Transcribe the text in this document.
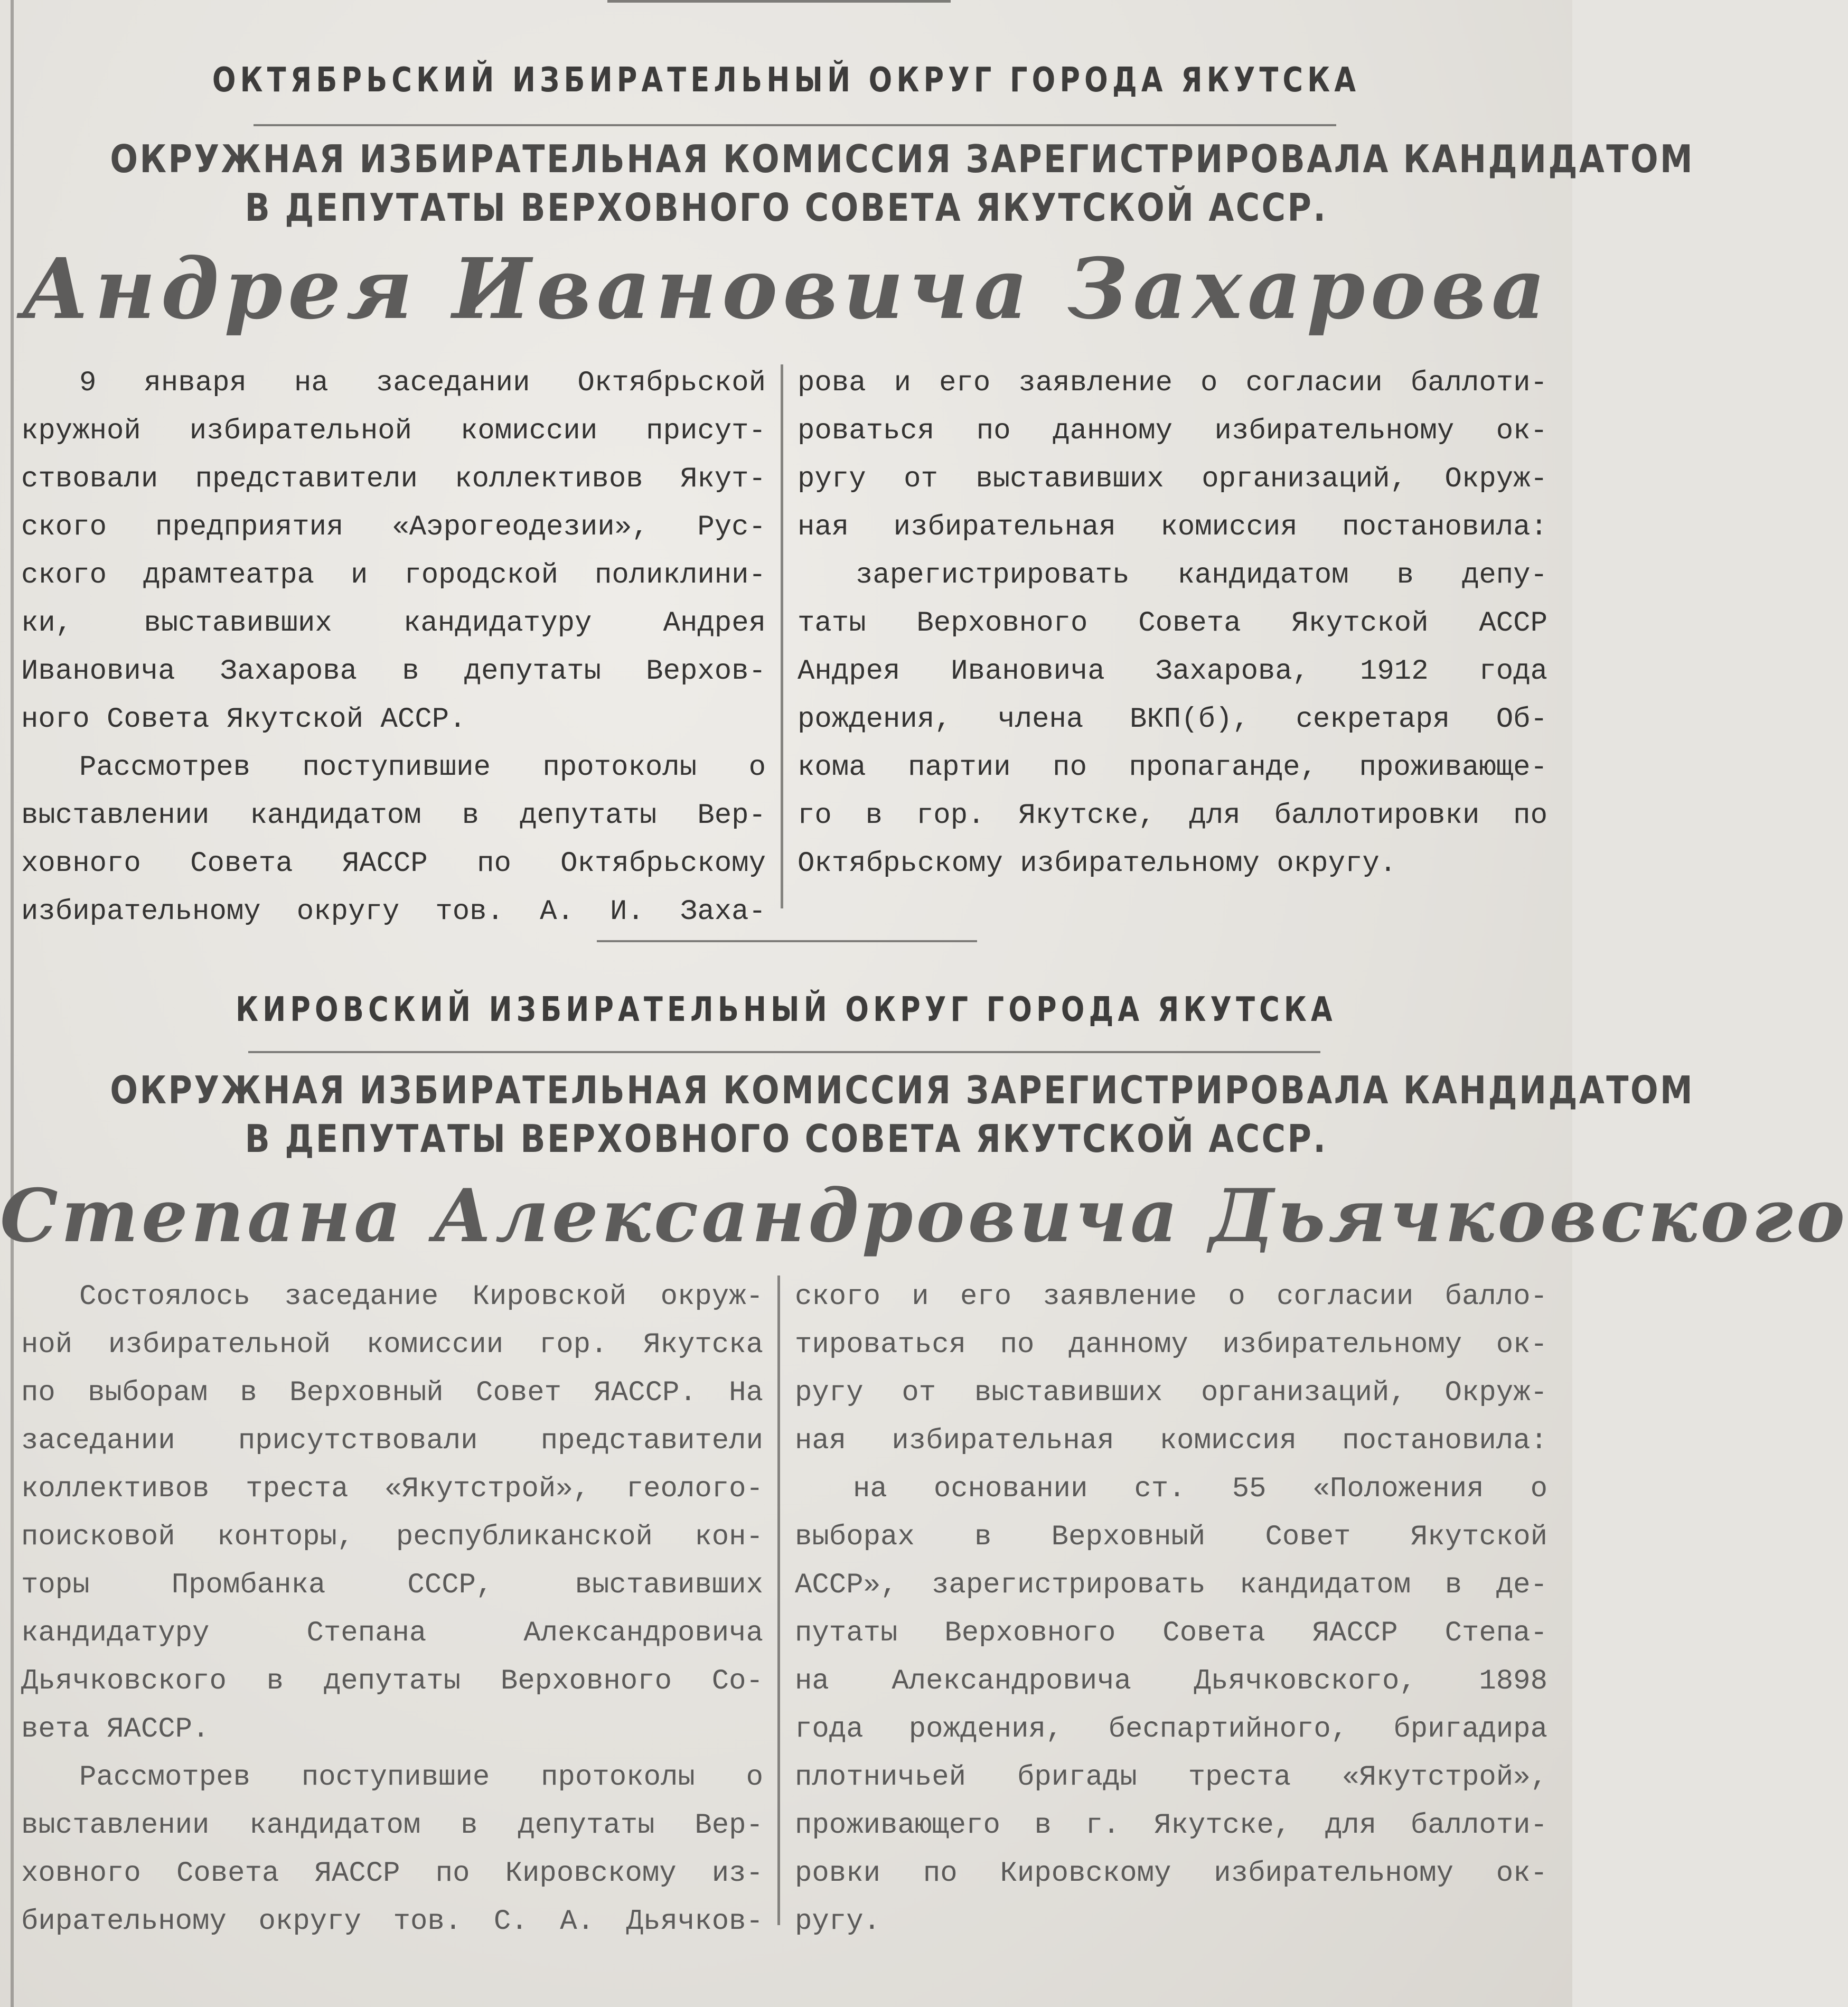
ОКТЯБРЬСКИЙ ИЗБИРАТЕЛЬНЫЙ ОКРУГ ГОРОДА ЯКУТСКА
ОКРУЖНАЯ ИЗБИРАТЕЛЬНАЯ КОМИССИЯ ЗАРЕГИСТРИРОВАЛА КАНДИДАТОМ
В ДЕПУТАТЫ ВЕРХОВНОГО СОВЕТА ЯКУТСКОЙ АССР.
Андрея Ивановича Захарова
9 января на заседании Октябрьской
кружной избирательной комиссии присут-
ствовали представители коллективов Якут-
ского предприятия «Аэрогеодезии», Рус-
ского драмтеатра и городской поликлини-
ки, выставивших кандидатуру Андрея
Ивановича Захарова в депутаты Верхов-
ного Совета Якутской АССР.
Рассмотрев поступившие протоколы о
выставлении кандидатом в депутаты Вер-
ховного Совета ЯАССР по Октябрьскому
избирательному округу тов. А. И. Заха-
рова и его заявление о согласии баллоти-
роваться по данному избирательному ок-
ругу от выставивших организаций, Окруж-
ная избирательная комиссия постановила:
зарегистрировать кандидатом в депу-
таты Верховного Совета Якутской АССР
Андрея Ивановича Захарова, 1912 года
рождения, члена ВКП(б), секретаря Об-
кома партии по пропаганде, проживающе-
го в гор. Якутске, для баллотировки по
Октябрьскому избирательному округу.
КИРОВСКИЙ ИЗБИРАТЕЛЬНЫЙ ОКРУГ ГОРОДА ЯКУТСКА
ОКРУЖНАЯ ИЗБИРАТЕЛЬНАЯ КОМИССИЯ ЗАРЕГИСТРИРОВАЛА КАНДИДАТОМ
В ДЕПУТАТЫ ВЕРХОВНОГО СОВЕТА ЯКУТСКОЙ АССР.
Степана Александровича Дьячковского
Состоялось заседание Кировской окруж-
ной избирательной комиссии гор. Якутска
по выборам в Верховный Совет ЯАССР. На
заседании присутствовали представители
коллективов треста «Якутстрой», геолого-
поисковой конторы, республиканской кон-
торы Промбанка СССР, выставивших
кандидатуру Степана Александровича
Дьячковского в депутаты Верховного Со-
вета ЯАССР.
Рассмотрев поступившие протоколы о
выставлении кандидатом в депутаты Вер-
ховного Совета ЯАССР по Кировскому из-
бирательному округу тов. С. А. Дьячков-
ского и его заявление о согласии балло-
тироваться по данному избирательному ок-
ругу от выставивших организаций, Окруж-
ная избирательная комиссия постановила:
на основании ст. 55 «Положения о
выборах в Верховный Совет Якутской
АССР», зарегистрировать кандидатом в де-
путаты Верховного Совета ЯАССР Степа-
на Александровича Дьячковского, 1898
года рождения, беспартийного, бригадира
плотничьей бригады треста «Якутстрой»,
проживающего в г. Якутске, для баллоти-
ровки по Кировскому избирательному ок-
ругу.
